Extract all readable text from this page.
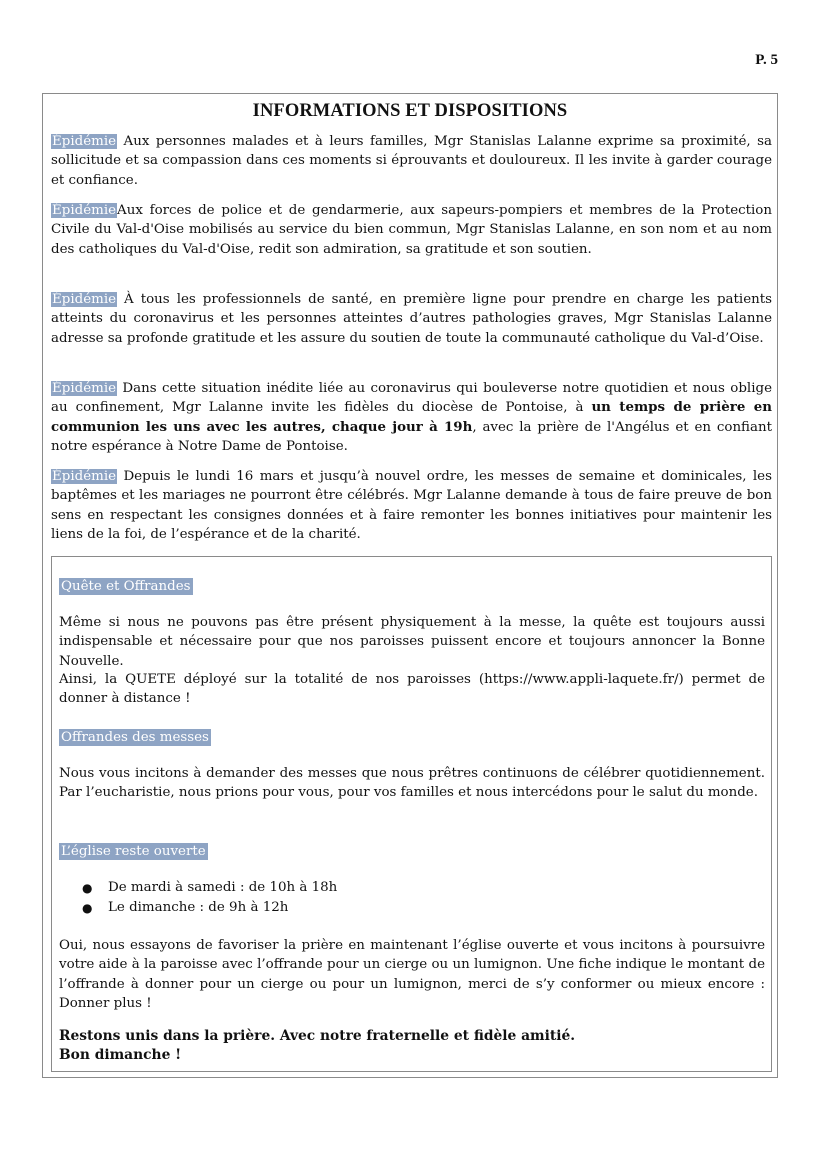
P. 5
INFORMATIONS ET DISPOSITIONS

Épidémie Aux personnes malades et à leurs familles, Mgr Stanislas Lalanne exprime sa proximité, sa sollicitude et sa compassion dans ces moments si éprouvants et douloureux. Il les invite à garder courage et confiance.

ÉpidémieAux forces de police et de gendarmerie, aux sapeurs-pompiers et membres de la Protection Civile du Val-d'Oise mobilisés au service du bien commun, Mgr Stanislas Lalanne, en son nom et au nom des catholiques du Val-d'Oise, redit son admiration, sa gratitude et son soutien.

Épidémie À tous les professionnels de santé, en première ligne pour prendre en charge les patients atteints du coronavirus et les personnes atteintes d’autres pathologies graves, Mgr Stanislas Lalanne adresse sa profonde gratitude et les assure du soutien de toute la communauté catholique du Val-d’Oise.

Épidémie Dans cette situation inédite liée au coronavirus qui bouleverse notre quotidien et nous oblige au confinement, Mgr Lalanne invite les fidèles du diocèse de Pontoise, à un temps de prière en communion les uns avec les autres, chaque jour à 19h, avec la prière de l'Angélus et en confiant notre espérance à Notre Dame de Pontoise.

Épidémie Depuis le lundi 16 mars et jusqu’à nouvel ordre, les messes de semaine et dominicales, les baptêmes et les mariages ne pourront être célébrés. Mgr Lalanne demande à tous de faire preuve de bon sens en respectant les consignes données et à faire remonter les bonnes initiatives pour maintenir les liens de la foi, de l’espérance et de la charité.

Quête et Offrandes

Même si nous ne pouvons pas être présent physiquement à la messe, la quête est toujours aussi indispensable et nécessaire pour que nos paroisses puissent encore et toujours annoncer la Bonne Nouvelle.

Ainsi, la QUETE déployé sur la totalité de nos paroisses (https://www.appli-laquete.fr/) permet de donner à distance !

Offrandes des messes

Nous vous incitons à demander des messes que nous prêtres continuons de célébrer quotidiennement. Par l’eucharistie, nous prions pour vous, pour vos familles et nous intercédons pour le salut du monde.

L’église reste ouverte
● De mardi à samedi : de 10h à 18h
● Le dimanche : de 9h à 12h

Oui, nous essayons de favoriser la prière en maintenant l’église ouverte et vous incitons à poursuivre votre aide à la paroisse avec l’offrande pour un cierge ou un lumignon. Une fiche indique le montant de l’offrande à donner pour un cierge ou pour un lumignon, merci de s’y conformer ou mieux encore : Donner plus !

Restons unis dans la prière. Avec notre fraternelle et fidèle amitié.
Bon dimanche !
